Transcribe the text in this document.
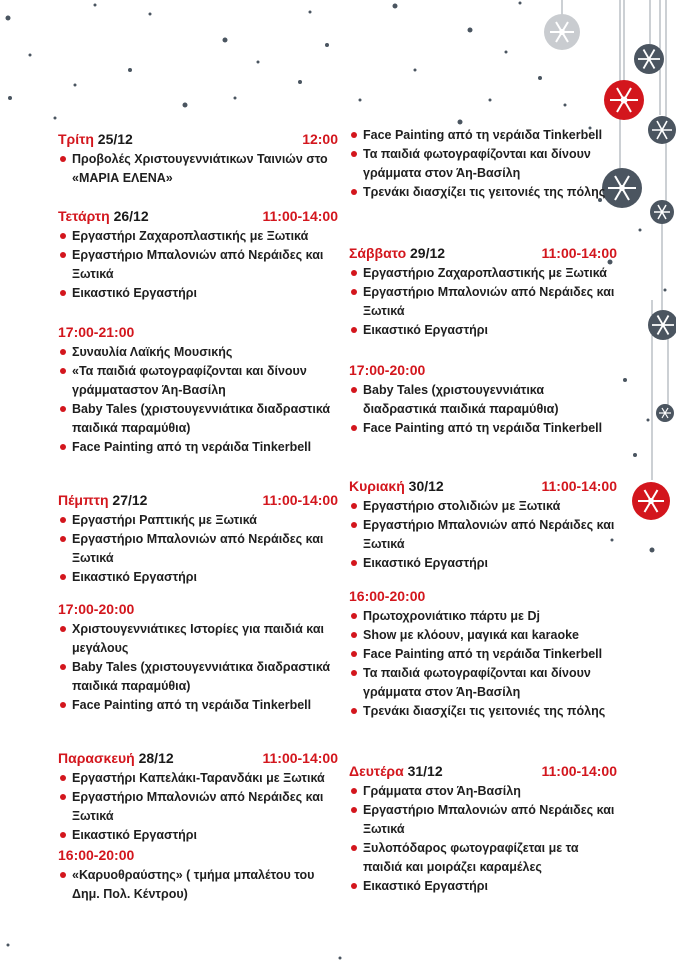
Τρίτη 25/12	12:00
Προβολές Χριστουγεννιάτικων Ταινιών στο «ΜΑΡΙΑ ΕΛΕΝΑ»
Τετάρτη 26/12	11:00-14:00
Εργαστήρι Ζαχαροπλαστικής με Ξωτικά
Εργαστήριο Μπαλονιών από Νεράιδες και Ξωτικά
Εικαστικό Εργαστήρι
17:00-21:00
Συναυλία Λαϊκής Μουσικής
«Τα παιδιά φωτογραφίζονται και δίνουν γράμματαστον Άη-Βασίλη
Baby Tales (χριστουγεννιάτικα διαδραστικά παιδικά παραμύθια)
Face Painting από τη νεράιδα Tinkerbell
Πέμπτη 27/12	11:00-14:00
Εργαστήρι Ραπτικής με Ξωτικά
Εργαστήριο Μπαλονιών από Νεράιδες και Ξωτικά
Εικαστικό Εργαστήρι
17:00-20:00
Χριστουγεννιάτικες Ιστορίες για παιδιά και μεγάλους
Baby Tales (χριστουγεννιάτικα διαδραστικά παιδικά παραμύθια)
Face Painting από τη νεράιδα Tinkerbell
Παρασκευή 28/12	11:00-14:00
Εργαστήρι Καπελάκι-Ταρανδάκι με Ξωτικά
Εργαστήριο Μπαλονιών από Νεράιδες και Ξωτικά
Εικαστικό Εργαστήρι
16:00-20:00
«Καρυοθραύστης» ( τμήμα μπαλέτου του Δημ. Πολ. Κέντρου)
Face Painting από τη νεράιδα Tinkerbell
Τα παιδιά φωτογραφίζονται και δίνουν γράμματα στον Άη-Βασίλη
Τρενάκι διασχίζει τις γειτονιές της πόλης
Σάββατο 29/12	11:00-14:00
Εργαστήριο Ζαχαροπλαστικής με Ξωτικά
Εργαστήριο Μπαλονιών από Νεράιδες και Ξωτικά
Εικαστικό Εργαστήρι
17:00-20:00
Baby Tales (χριστουγεννιάτικα διαδραστικά παιδικά παραμύθια)
Face Painting από τη νεράιδα Tinkerbell
Κυριακή 30/12	11:00-14:00
Εργαστήριο στολιδιών με Ξωτικά
Εργαστήριο Μπαλονιών από Νεράιδες και Ξωτικά
Εικαστικό Εργαστήρι
16:00-20:00
Πρωτοχρονιάτικο πάρτυ με Dj
Show με κλόουν, μαγικά και karaoke
Face Painting από τη νεράιδα Tinkerbell
Τα παιδιά φωτογραφίζονται και δίνουν γράμματα στον Άη-Βασίλη
Τρενάκι διασχίζει τις γειτονιές της πόλης
Δευτέρα 31/12	11:00-14:00
Γράμματα στον Άη-Βασίλη
Εργαστήριο Μπαλονιών από Νεράιδες και Ξωτικά
Ξυλοπόδαρος φωτογραφίζεται με τα παιδιά και μοιράζει καραμέλες
Εικαστικό Εργαστήρι
